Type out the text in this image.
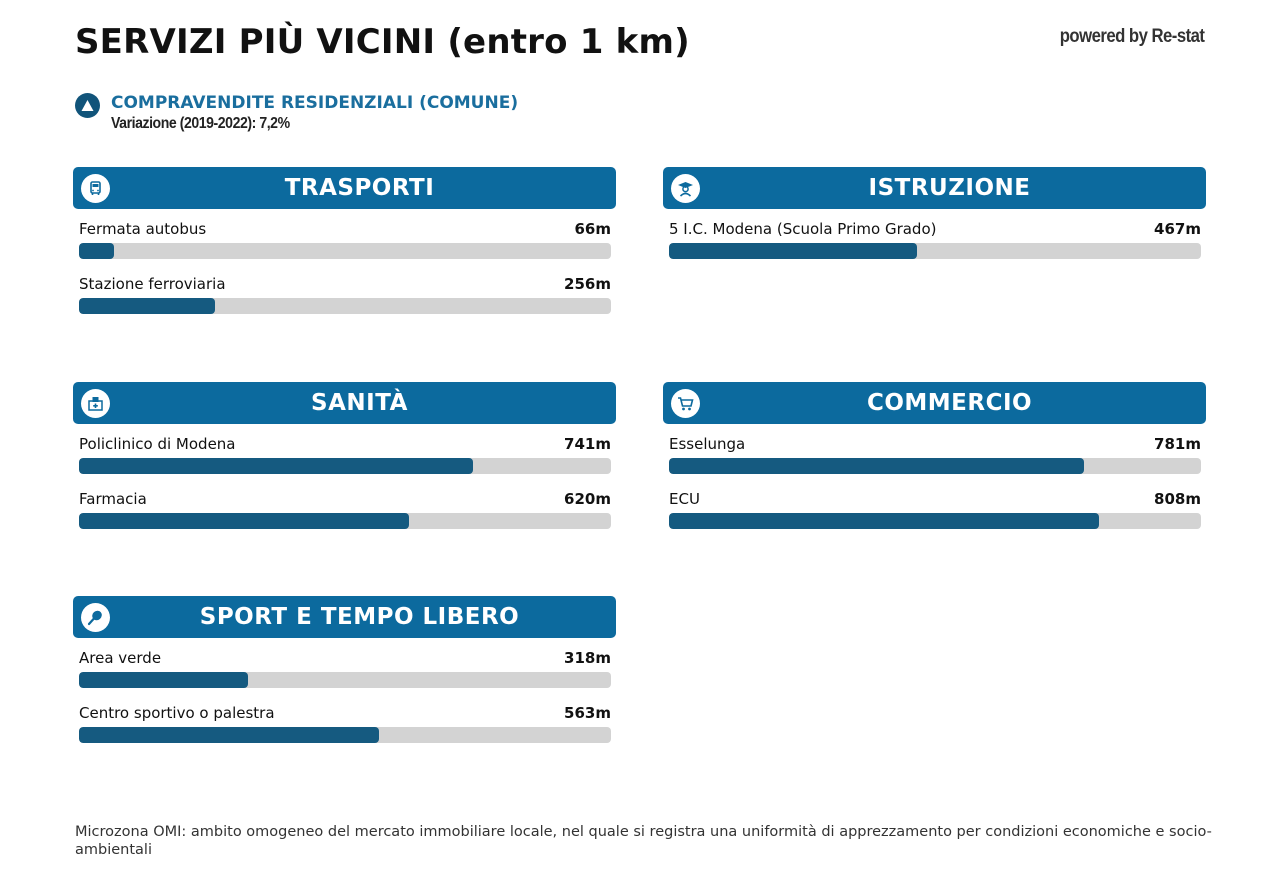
SERVIZI PIÙ VICINI (entro 1 km)	powered by Re-stat
COMPRAVENDITE RESIDENZIALI (COMUNE)
Variazione (2019-2022): 7,2%
TRASPORTI
Fermata autobus	66m
Stazione ferroviaria	256m
ISTRUZIONE
5 I.C. Modena (Scuola Primo Grado)	467m
SANITÀ
Policlinico di Modena	741m
Farmacia	620m
COMMERCIO
Esselunga	781m
ECU	808m
SPORT E TEMPO LIBERO
Area verde	318m
Centro sportivo o palestra	563m
Microzona OMI: ambito omogeneo del mercato immobiliare locale, nel quale si registra una uniformità di apprezzamento per condizioni economiche e socio-ambientali
